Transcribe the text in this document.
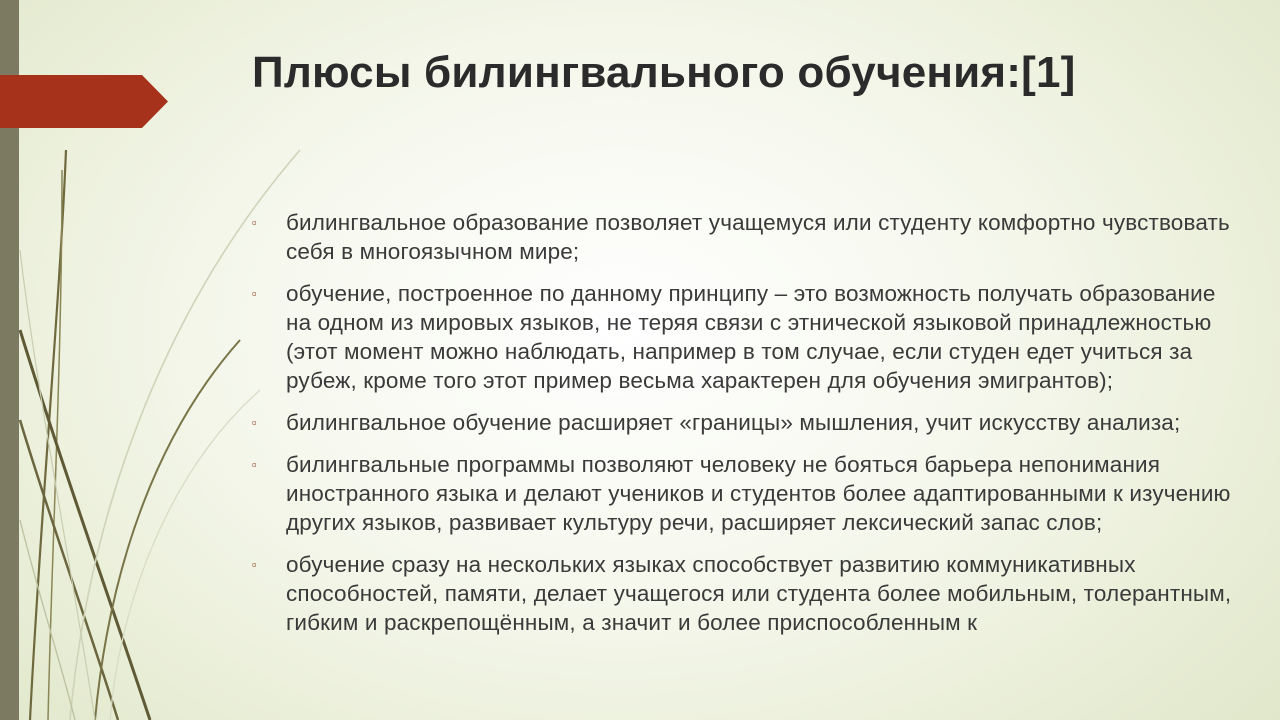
Плюсы билингвального обучения:[1]
▫	билингвальное образование позволяет учащемуся или студенту комфортно чувствовать себя в многоязычном мире;
▫	обучение, построенное по данному принципу – это возможность получать образование на одном из мировых языков, не теряя связи с этнической языковой принадлежностью (этот момент можно наблюдать, например в том случае, если студен едет учиться за рубеж, кроме того этот пример весьма характерен для обучения эмигрантов);
▫	билингвальное обучение расширяет «границы» мышления, учит искусству анализа;
▫	билингвальные программы позволяют человеку не бояться барьера непонимания иностранного языка и делают учеников и студентов более адаптированными к изучению других языков, развивает культуру речи, расширяет лексический запас слов;
▫	обучение сразу на нескольких языках способствует развитию коммуникативных способностей, памяти, делает учащегося или студента более мобильным, толерантным, гибким и раскрепощённым, а значит и более приспособленным к
